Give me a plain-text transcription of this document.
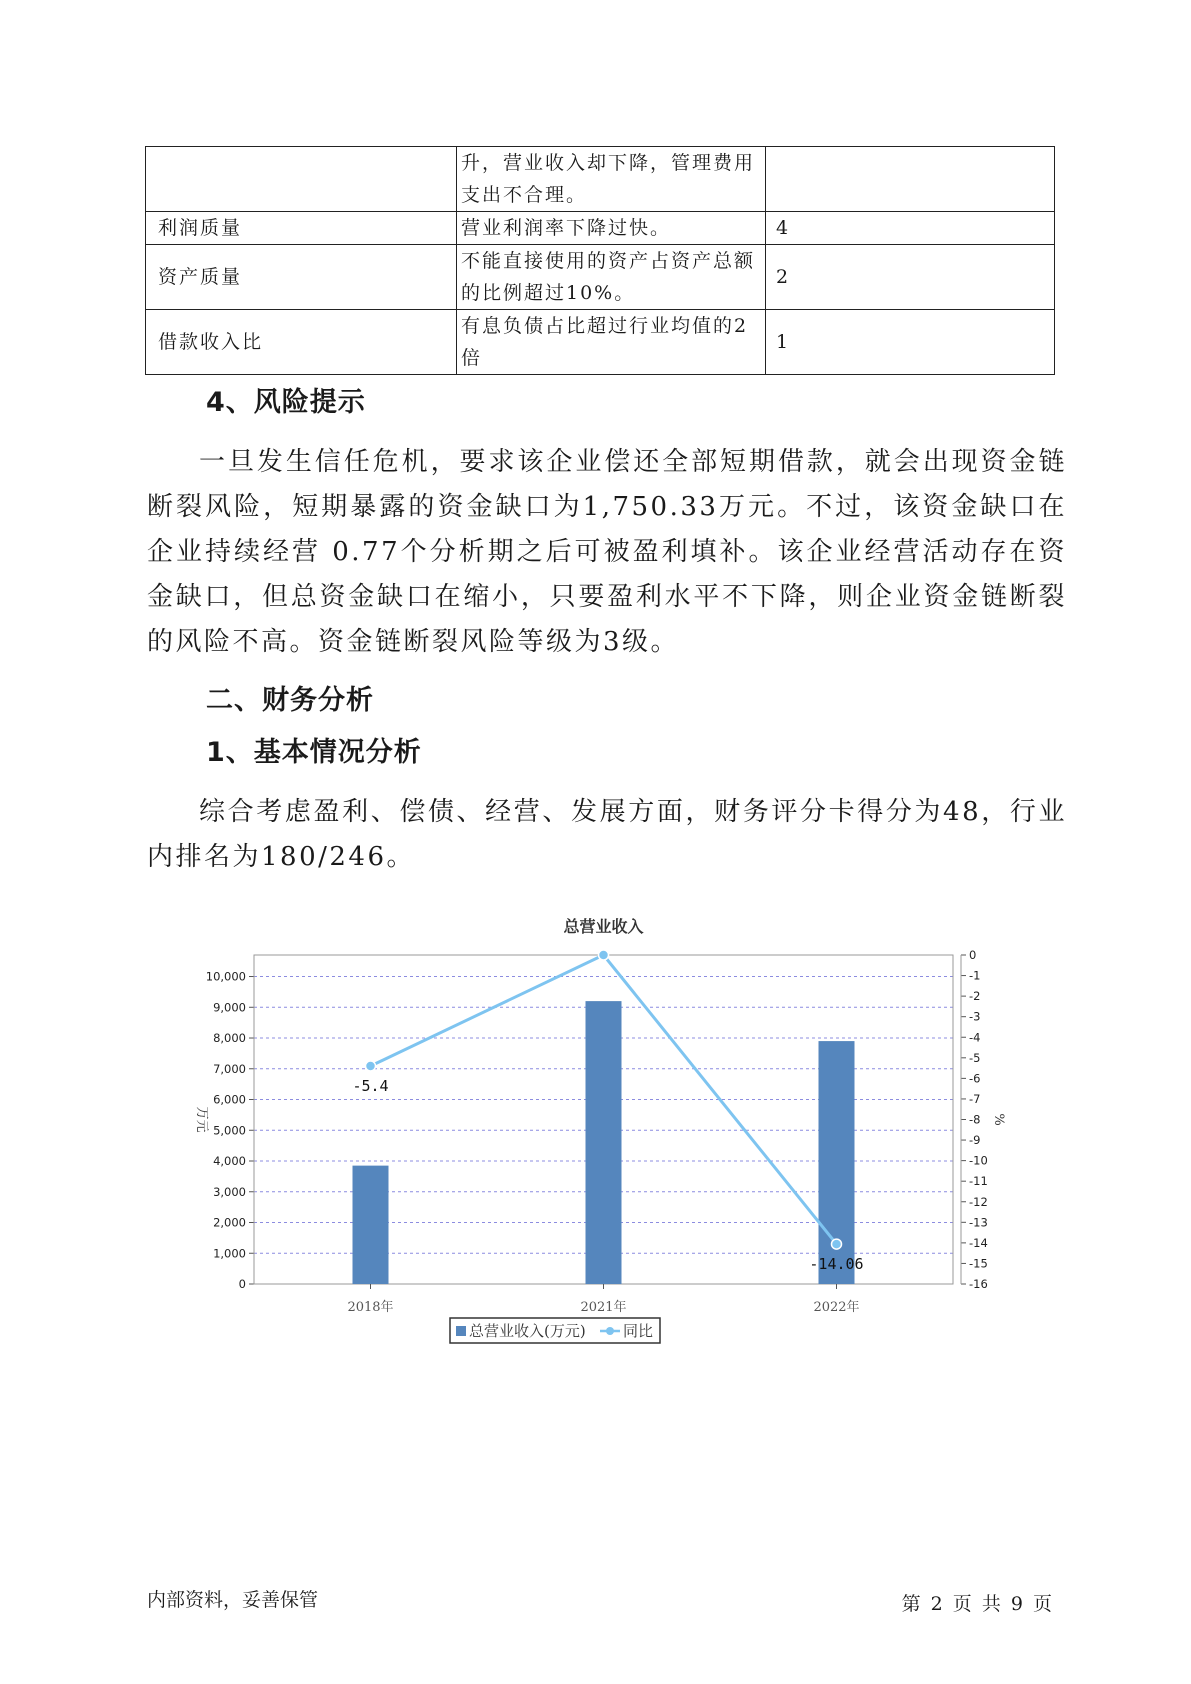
	升，营业收入却下降，管理费用支出不合理。	
利润质量	营业利润率下降过快。	4
资产质量	不能直接使用的资产占资产总额的比例超过10%。	2
借款收入比	有息负债占比超过行业均值的2倍	1
4、风险提示
一旦发生信任危机，要求该企业偿还全部短期借款，就会出现资金链断裂风险，短期暴露的资金缺口为1,750.33万元。不过，该资金缺口在企业持续经营 0.77个分析期之后可被盈利填补。该企业经营活动存在资金缺口，但总资金缺口在缩小，只要盈利水平不下降，则企业资金链断裂的风险不高。资金链断裂风险等级为3级。
二、财务分析
1、基本情况分析
综合考虑盈利、偿债、经营、发展方面，财务评分卡得分为48，行业内排名为180/246。
总营业收入
0
1,000
2,000
3,000
4,000
5,000
6,000
7,000
8,000
9,000
10,000
0
-1
-2
-3
-4
-5
-6
-7
-8
-9
-10
-11
-12
-13
-14
-15
-16
万元	%
2018年	2021年	2022年
-5.4
-14.06
总营业收入(万元) 同比
内部资料，妥善保管	第 2 页 共 9 页
